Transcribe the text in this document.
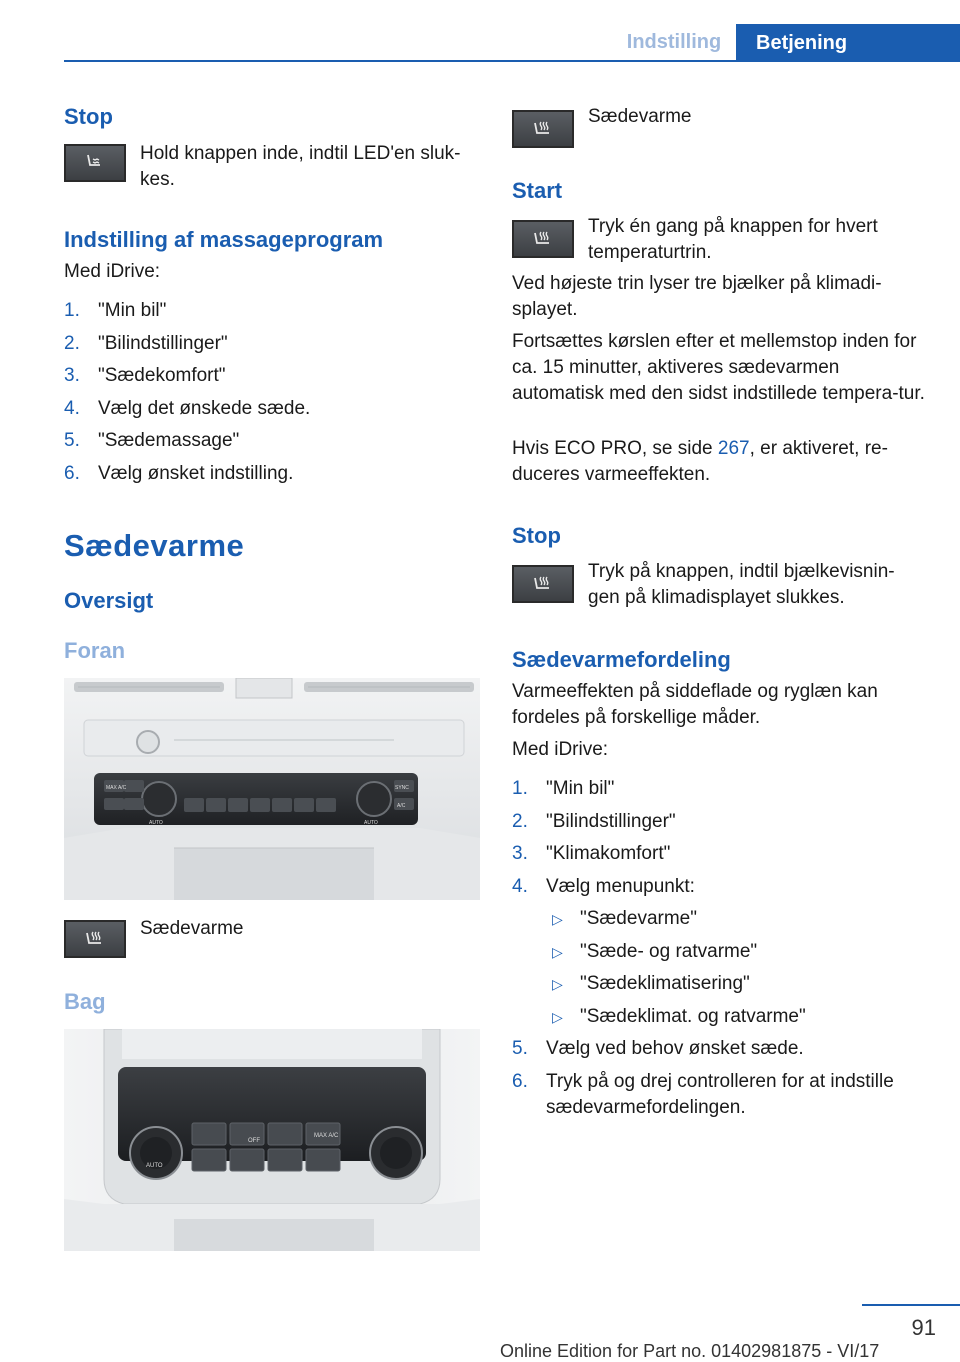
Indstilling	Betjening
Stop
Hold knappen inde, indtil LED'en sluk-kes.
Indstilling af massageprogram
Med iDrive:
1. "Min bil"
2. "Bilindstillinger"
3. "Sædekomfort"
4. Vælg det ønskede sæde.
5. "Sædemassage"
6. Vælg ønsket indstilling.
Sædevarme
Oversigt
Foran
MAX A/C
AUTO
SYNC
AUTO
A/C
Sædevarme
Bag
OFF
MAX A/C
AUTO
Sædevarme
Start
Tryk én gang på knappen for hvert temperaturtrin.
Ved højeste trin lyser tre bjælker på klimadi-splayet.
Fortsættes kørslen efter et mellemstop inden for ca. 15 minutter, aktiveres sædevarmen automatisk med den sidst indstillede tempera-tur.
Hvis ECO PRO, se side 267, er aktiveret, re-duceres varmeeffekten.
Stop
Tryk på knappen, indtil bjælkevisnin-gen på klimadisplayet slukkes.
Sædevarmefordeling
Varmeeffekten på siddeflade og ryglæn kan fordeles på forskellige måder.
Med iDrive:
1. "Min bil"
2. "Bilindstillinger"
3. "Klimakomfort"
4. Vælg menupunkt:
▷ "Sædevarme"
▷ "Sæde- og ratvarme"
▷ "Sædeklimatisering"
▷ "Sædeklimat. og ratvarme"
5. Vælg ved behov ønsket sæde.
6. Tryk på og drej controlleren for at indstille sædevarmefordelingen.
91
Online Edition for Part no. 01402981875 - VI/17
